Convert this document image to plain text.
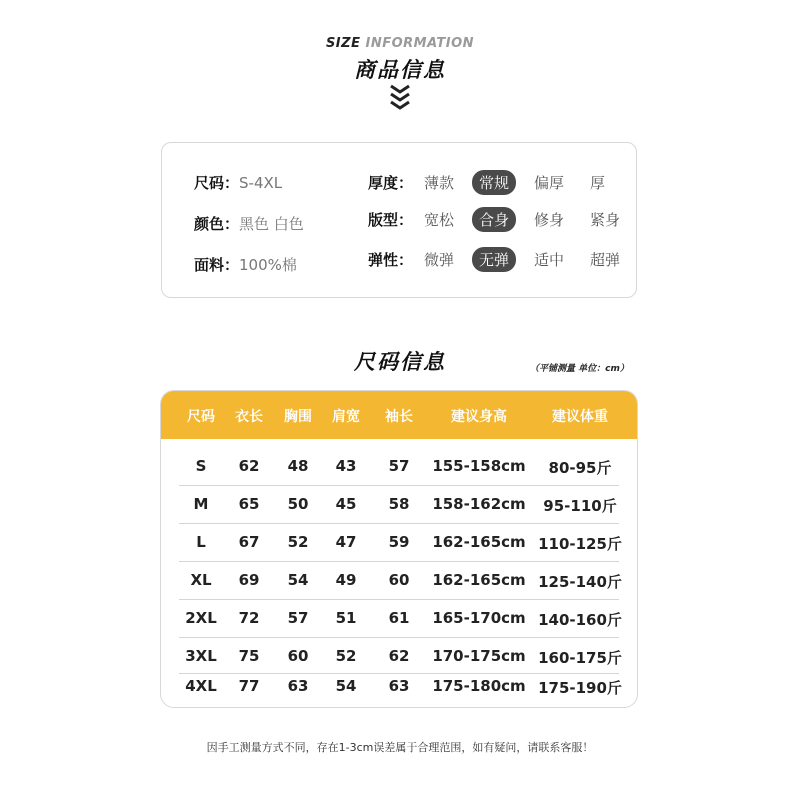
SIZE INFORMATION
商品信息
尺码：S-4XL
颜色：黑色 白色
面料：100%棉
厚度： 薄款	常规	偏厚 厚
版型： 宽松	合身	修身 紧身
弹性： 微弹	无弹	适中 超弹
尺码信息	（平铺测量 单位：cm）
尺码 衣长 胸围 肩宽 袖长	建议身高	建议体重
S 62 48 43 57 155-158cm 80-95斤
M 65 50 45 58 158-162cm 95-110斤
L 67 52 47 59 162-165cm 110-125斤
XL 69 54 49 60 162-165cm 125-140斤
2XL 72 57 51 61 165-170cm 140-160斤
3XL 75 60 52 62 170-175cm 160-175斤
4XL 77 63 54 63 175-180cm 175-190斤
因手工测量方式不同，存在1-3cm误差属于合理范围，如有疑问，请联系客服！
